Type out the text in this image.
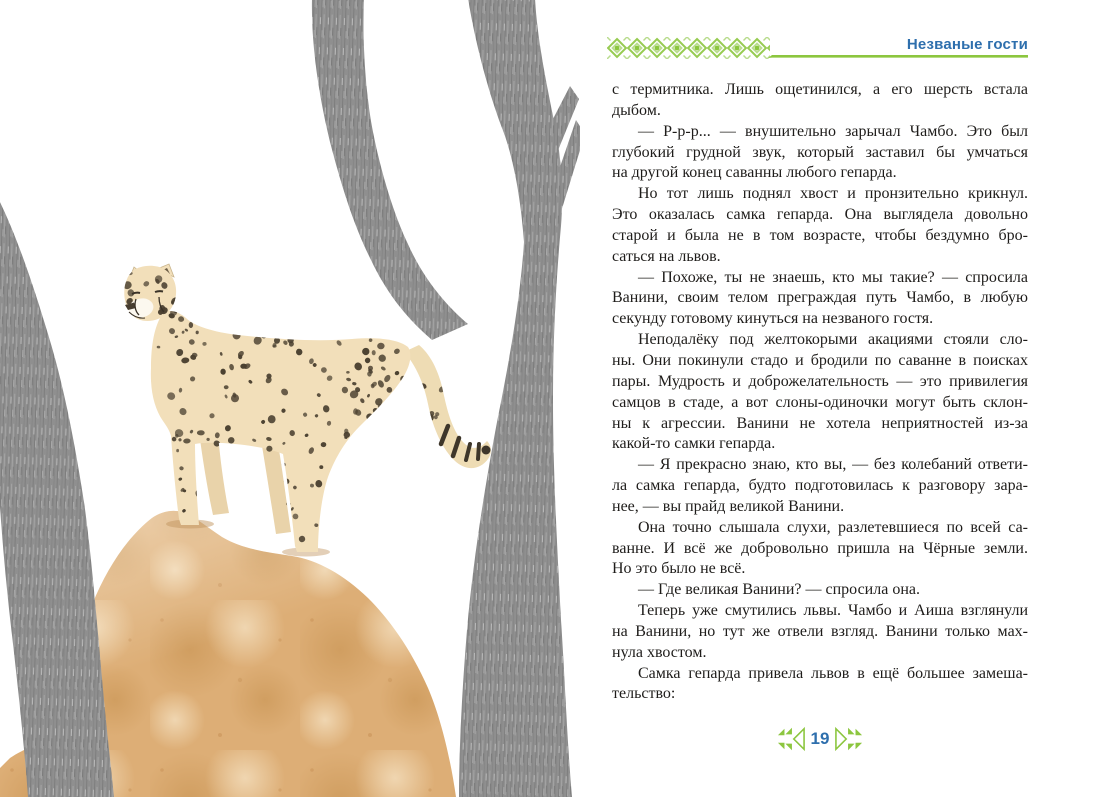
Незваные гости
с термитника. Лишь ощетинился, а его шерсть встала
дыбом.
— Р-р-р... — внушительно зарычал Чамбо. Это был
глубокий грудной звук, который заставил бы умчаться
на другой конец саванны любого гепарда.
Но тот лишь поднял хвост и пронзительно крикнул.
Это оказалась самка гепарда. Она выглядела довольно
старой и была не в том возрасте, чтобы бездумно бро-
саться на львов.
— Похоже, ты не знаешь, кто мы такие? — спросила
Ванини, своим телом преграждая путь Чамбо, в любую
секунду готовому кинуться на незваного гостя.
Неподалёку под желтокорыми акациями стояли сло-
ны. Они покинули стадо и бродили по саванне в поисках
пары. Мудрость и доброжелательность — это привилегия
самцов в стаде, а вот слоны-одиночки могут быть склон-
ны к агрессии. Ванини не хотела неприятностей из-за
какой-то самки гепарда.
— Я прекрасно знаю, кто вы, — без колебаний ответи-
ла самка гепарда, будто подготовилась к разговору зара-
нее, — вы прайд великой Ванини.
Она точно слышала слухи, разлетевшиеся по всей са-
ванне. И всё же добровольно пришла на Чёрные земли.
Но это было не всё.
— Где великая Ванини? — спросила она.
Теперь уже смутились львы. Чамбо и Аиша взглянули
на Ванини, но тут же отвели взгляд. Ванини только мах-
нула хвостом.
Самка гепарда привела львов в ещё большее замеша-
тельство:
19
